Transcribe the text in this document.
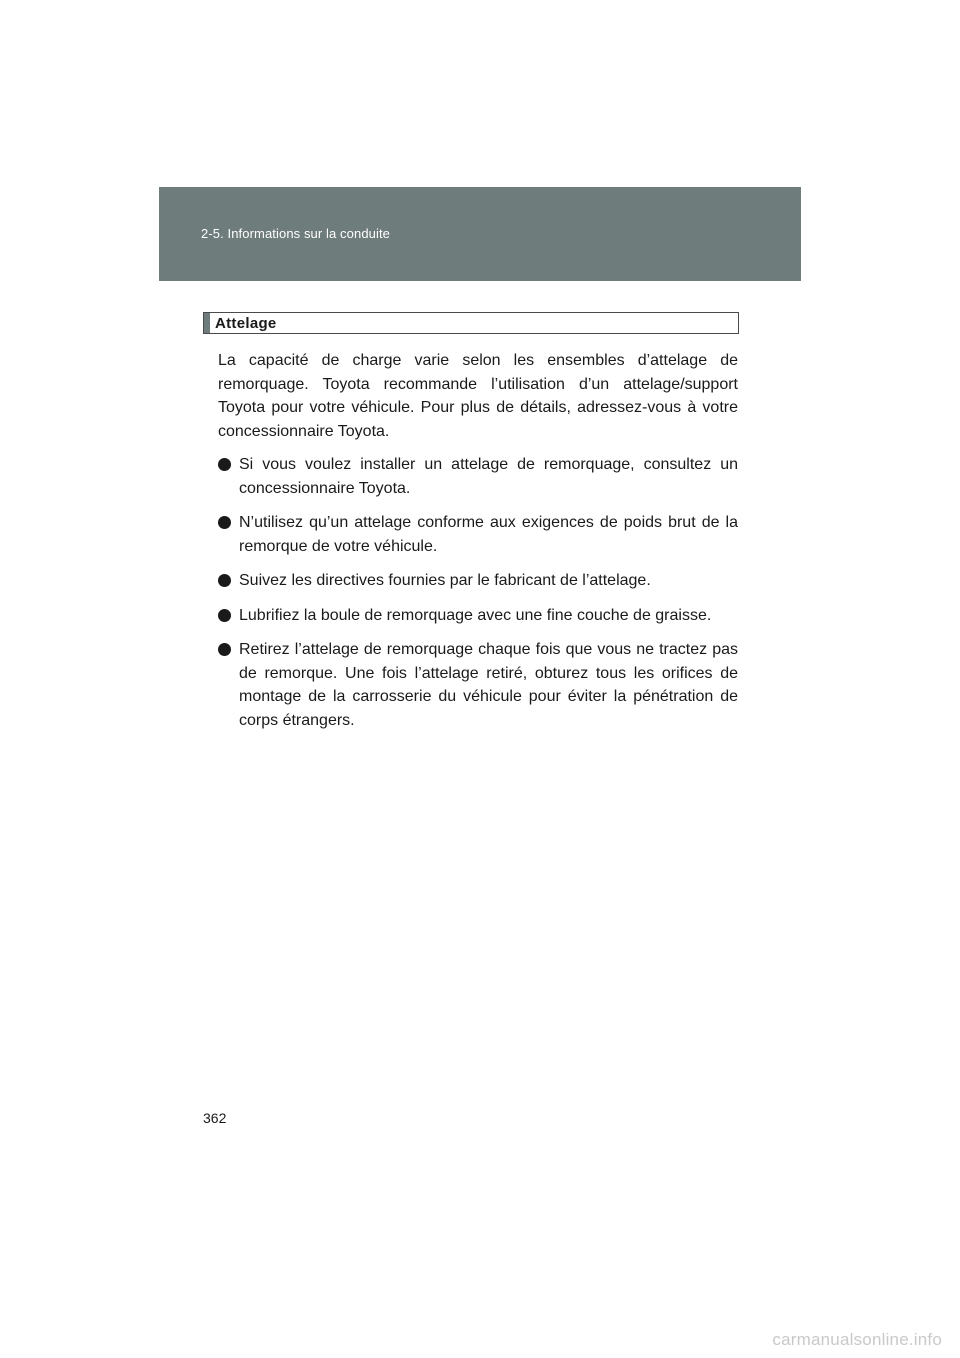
2-5. Informations sur la conduite
Attelage

La capacité de charge varie selon les ensembles d’attelage de remorquage. Toyota recommande l’utilisation d’un attelage/support Toyota pour votre véhicule. Pour plus de détails, adressez-vous à votre concessionnaire Toyota.

Si vous voulez installer un attelage de remorquage, consultez un concessionnaire Toyota.
N’utilisez qu’un attelage conforme aux exigences de poids brut de la remorque de votre véhicule.
Suivez les directives fournies par le fabricant de l’attelage.
Lubrifiez la boule de remorquage avec une fine couche de graisse.
Retirez l’attelage de remorquage chaque fois que vous ne tractez pas de remorque. Une fois l’attelage retiré, obturez tous les orifices de montage de la carrosserie du véhicule pour éviter la pénétration de corps étrangers.
362
carmanualsonline.info
